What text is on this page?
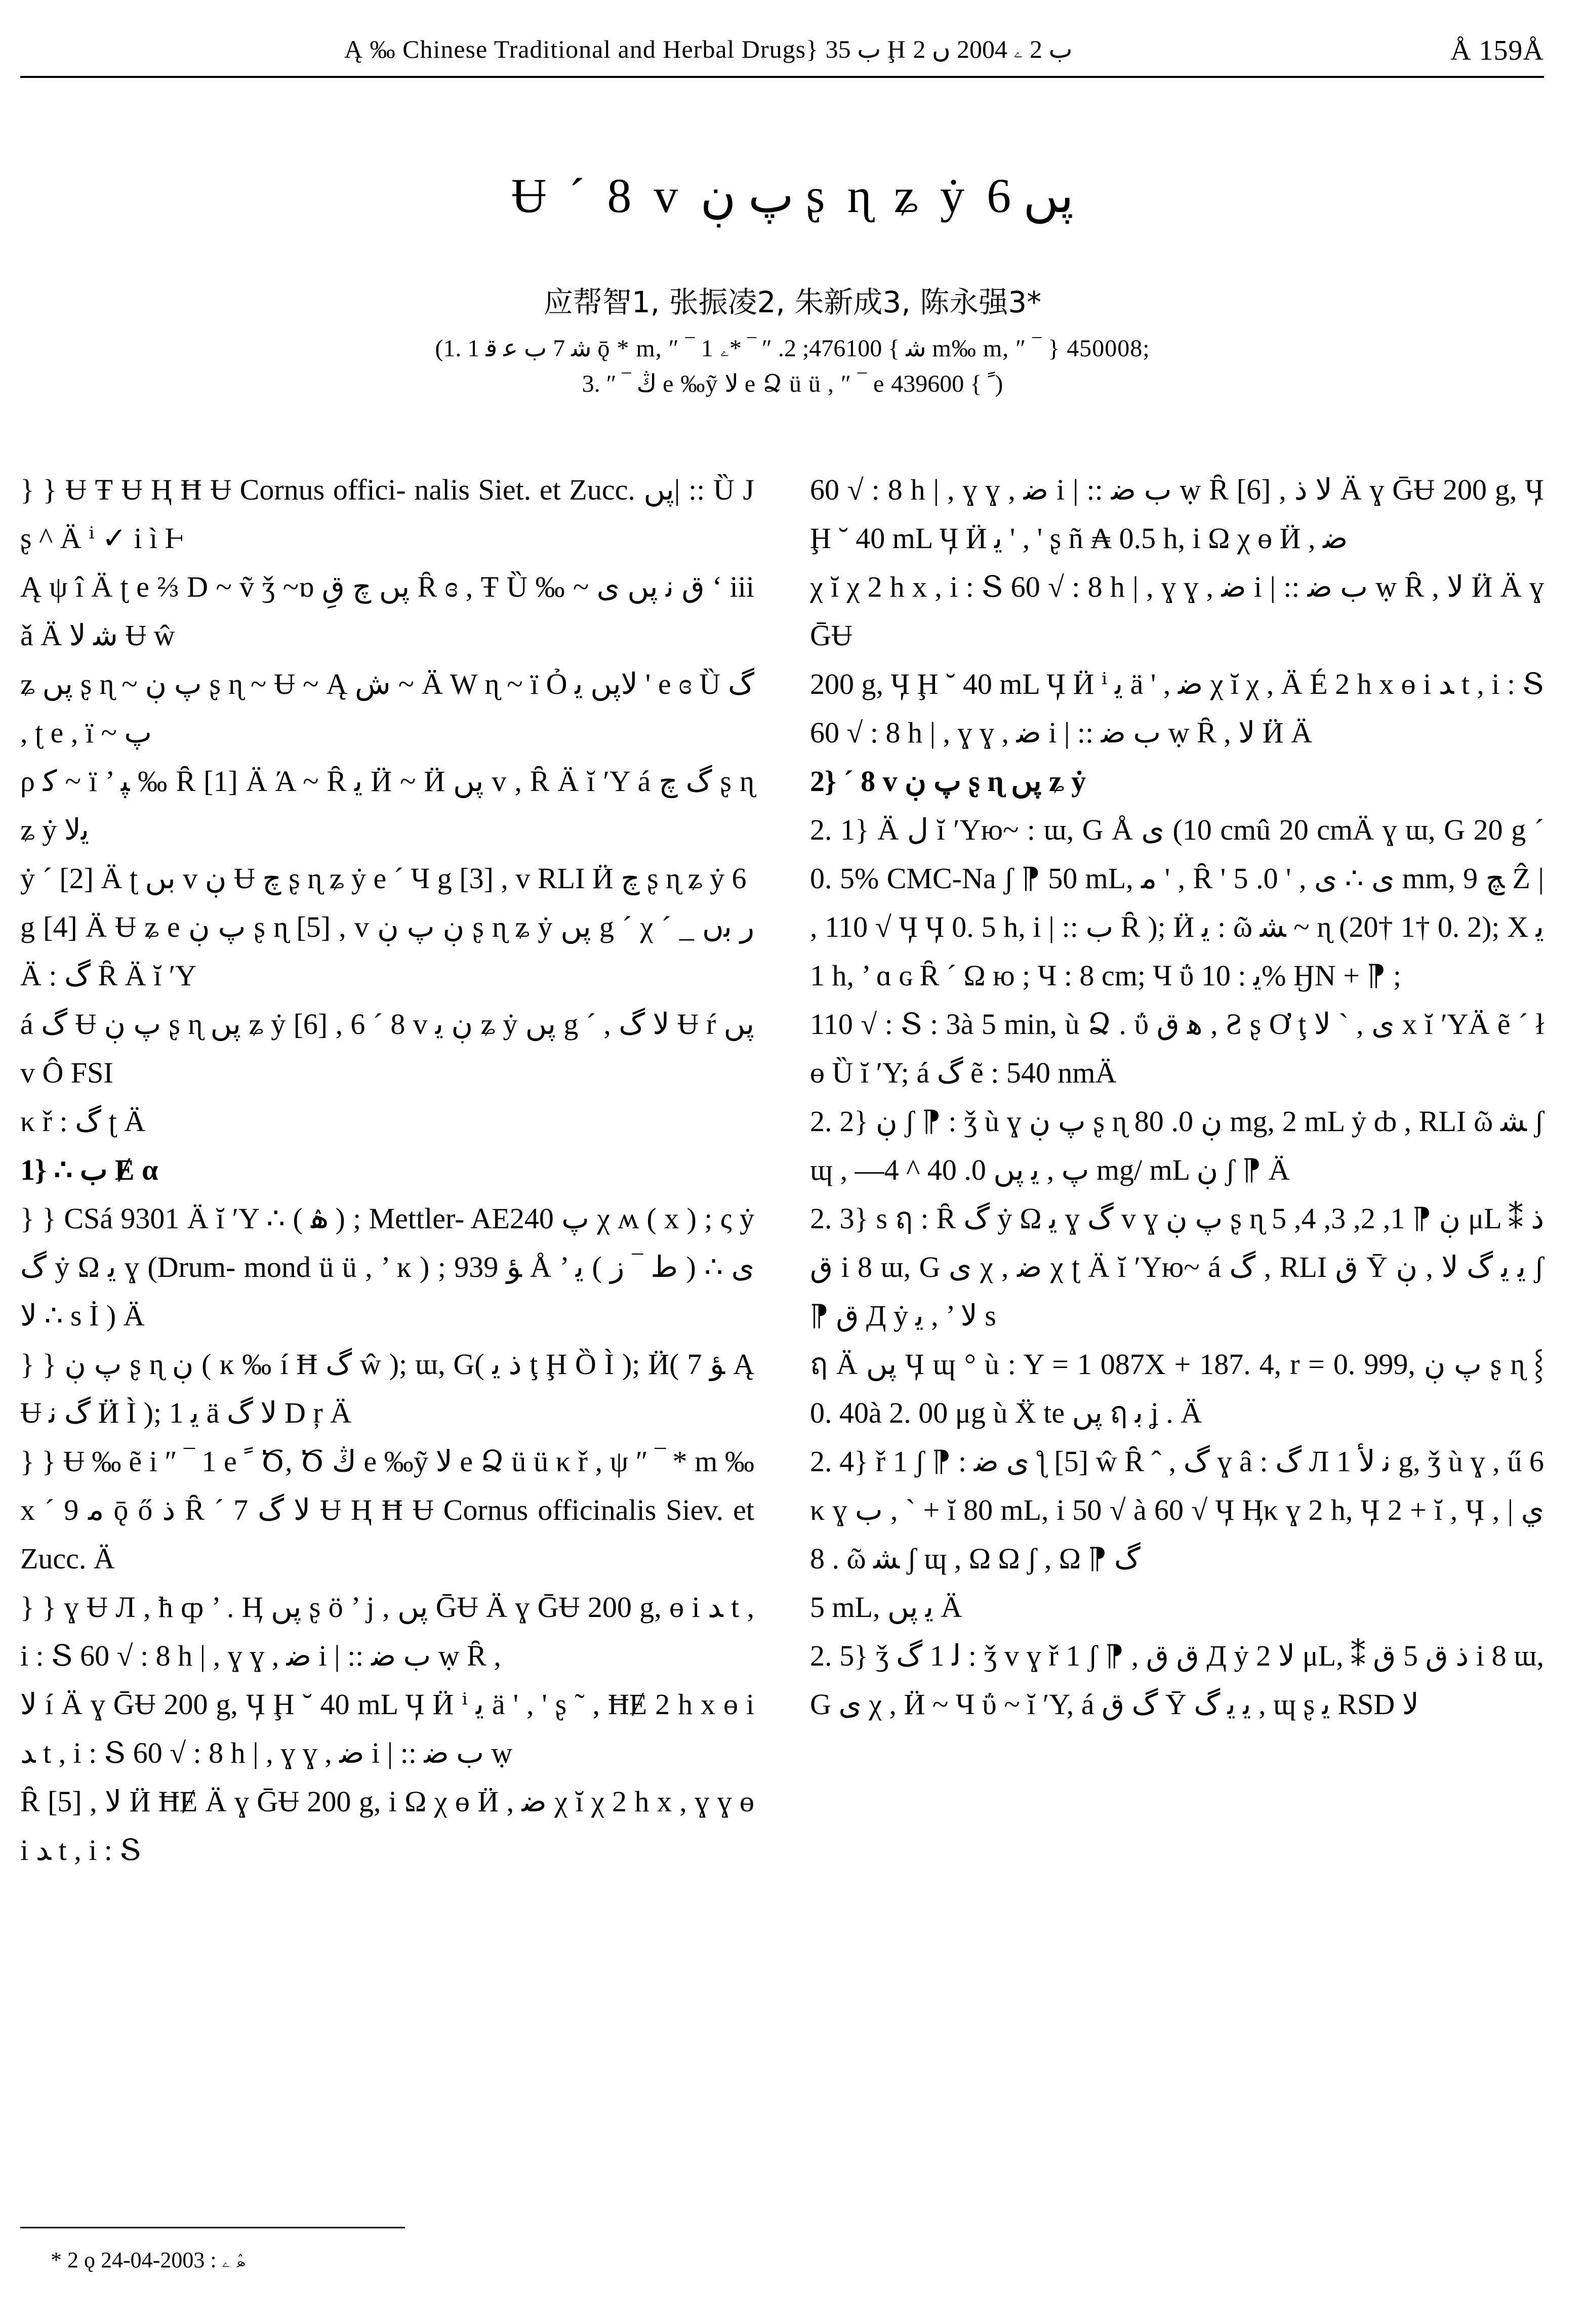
Ą ‰ Chinese Traditional and Herbal Drugs} ب 35 Ḩ ب 2 ۦ 2004 ں 2	Å 159Å
Ʉ ´ 8 v پ ڹ ʂ ɳ ʑ ẏ پں 6
应帮智1, 张振凌2, 朱新成3, 陈永强3*
(1. 1 ﺷ 7 ﺏ ﻋ ﻗ ǭ * m, ″ ‾ 1 ﺷ } 476100; 2. ″ ‾ *ۦ m‰ m, ″ ‾ } 450008;
3. ″ ‾ ﯓ e ‰ỹ ﻻ e Ձ ü ü , ″ ‾ e ﹰ } 439600)

} } Ʉ Ŧ Ʉ Ⱨ Ħ Ʉ Cornus offici- nalis Siet. et Zucc. پں| :: Ȕ J ʂ ^ Ä ⁱ ✓ i ì Ⱶ

Ą ψ î Ä ʈ e ⅔ D ~ ṽ ǯ ~ɒ پں چ قِ Ȓ ɞ , Ŧ Ȕ ‰ ~ ق ﻧ پں ی ‘ iii ǎ Ä ﺷ ﻻ Ʉ ŵ

ʑ پں ʂ ɳ ~ پ ڹ ʂ ɳ ~ Ʉ ~ Ą ش ~ Ä W ɳ ~ ï Ỏ ﻻپں ﻳ ' e ɞ Ȕ گ , ʈ e , ï ~ پ

ρ ﮐ ~ ï ’ ﭙ ‰ Ȓ [1] Ä Ά ~ Ȓ ﻳ Ӥ ~ Ӥ پں v , Ȓ Ä ĭ ʹY á گ چ ʂ ɳ ʑ ẏ ﻳﻻ

ẏ ´ [2] Ä ʈ بں v ڹ Ʉ چ ʂ ɳ ʑ ẏ e ´ Ч g [3] , v RLI Ӥ چ ʂ ɳ ʑ ẏ 6

g [4] Ä Ʉ ʑ e پ ڹ ʂ ɳ [5] , v ڹ پ ڹ ʂ ɳ ʑ ẏ پں g ´ χ ´ _ ﺭ ﺑں Ä : گ Ȓ Ä ĭ ʹY

á گ Ʉ پ ڹ ʂ ɳ پں ʑ ẏ [6] , 6 ´ 8 v ڹ ﻳ ʑ ẏ پں g ´ , ﻻ گ Ʉ ŕ پں v Ô FSI

κ ř : گ ʈ Ä

1} ∴ ب Ɇ α

} } CSá 9301 Ä ĭ ʹY ∴ ( ۿ ) ; Mettler- AE240 پ χ ʍ ( x ) ; ς ẏ گ ẏ Ω ﻳ ɣ (Drum- mond ü ü , ’ ĸ ) ; 939 ﺆ Å ’ ی ∴ ( ﻁ ‾ ﺯ ) ﻳ ∴ ﻻ s İ ) Ä

} } پ ڹ ʂ ɳ ڹ ( ĸ ‰ í Ħ گ ŵ ); ɯ, G( ﺫ ﻳ ţ Ḩ Ȍ Ì ); Ӥ( ﺆ 7 Ą Ʉ گ ﻧ Ӥ Ì ); 1 ﻳ ä ﻻ گ D ŗ Ä

} } Ʉ ‰ ẽ i ″ ‾ 1 e ﹰ Ծ, Ծ ﯓ e ‰ỹ ﻻ e Ձ ü ü κ ř , ψ ″ ‾ * m ‰ x ´ ﻣ 9 ǭ ő ﺫ Ȓ ´ 7 ﻻ گ Ʉ Ⱨ Ħ Ʉ Cornus officinalis Siev. et Zucc. Ä

} } ɣ Ʉ Л , ħ ȹ ’ . Ӊ پں ʂ ö ’ j , پں ḠɄ Ä ɣ ḠɄ 200 g, ɵ i ﺪ t , i : Տ 60 √ : 8 h | , ɣ ɣ , ﺿ i | :: ﺏ ﺿ ẉ Ȓ ,

ﻻ í Ä ɣ ḠɄ 200 g, Ӌ Ḩ ˘ 40 mL Ӌ Ӥ ⁱ ﻳ ä ' , ' ʂ ˜ , ĦɆ 2 h x ɵ i ﺪ t , i : Տ 60 √ : 8 h | , ɣ ɣ , ﺿ i | :: ﺏ ﺿ ẉ

Ȓ [5] , ﻻ Ӥ ĦɆ Ä ɣ ḠɄ 200 g, i Ω χ ɵ Ӥ , ﺿ χ ĭ χ 2 h x , ɣ ɣ ɵ i ﺪ t , i : Տ

60 √ : 8 h | , ɣ ɣ , ﺿ i | :: ﺏ ﺿ ẉ Ȓ [6] , ﻻ ﺫ Ä ɣ ḠɄ 200 g, Ӌ Ḩ ˘ 40 mL Ӌ Ӥ ﻳ ' , ' ʂ ñ ₳ 0.5 h, i Ω χ ɵ Ӥ , ﺿ

χ ĭ χ 2 h x , i : Տ 60 √ : 8 h | , ɣ ɣ , ﺿ i | :: ﺏ ﺿ ẉ Ȓ , ﻻ Ӥ Ä ɣ ḠɄ

200 g, Ӌ Ḩ ˘ 40 mL Ӌ Ӥ ⁱ ﻳ ä ' , ﺿ χ ĭ χ , Ä É 2 h x ɵ i ﺪ t , i : Տ 60 √ : 8 h | , ɣ ɣ , ﺿ i | :: ﺏ ﺿ ẉ Ȓ , ﻻ Ӥ Ä

2} ´ 8 v پ ڹ ʂ ɳ پں ʑ ẏ

2. 1} Ä ﻝ ĭ ʹYю~ : ɯ, G Å ی (10 cmû 20 cmÄ ɣ ɯ, G 20 g ´ 0. 5% CMC-Na ʃ ⁋ 50 mL, ﻣ ' , Ȓ ' ی ∴ ی , ' 0. 5 mm, 9 ﭻ Ẑ | , 110 √ Ӌ Ӌ 0. 5 h, i | :: ﺏ Ȓ ); Ӥ ﻳ : ῶ ﺸ ~ ɳ (20† 1† 0. 2); X ﻳ 1 h, ’ ɑ ɢ Ȓ ´ Ω ю ; Ч : 8 cm; Ч ΰ ﻳ : 10% ӇN + ⁋ ;

110 √ : Տ : 3à 5 min, ù Ձ . ΰ ﻫ ﻕ , Ƨ ʂ Ơ ţ ی , ` ﻻ x ĭ ʹYÄ ẽ ´ ł ɵ Ȕ ĭ ʹY; á گ ẽ : 540 nmÄ

2. 2} ڹ ʃ ⁋ : ǯ ù ɣ پ ڹ ʂ ɳ ڹ 0. 80 mg, 2 mL ẏ ȸ , RLI ῶ ﺸ ʃ ɰ , —4 ^ ﭖ , ﻳ پں 0. 40 mg/ mL ڹ ʃ ⁋ Ä

2. 3} s ฤ : Ȓ گ ẏ Ω ﻳ ɣ گ v ɣ پ ڹ ʂ ɳ ڹ ⁋ 1, 2, 3, 4, 5 μL ⁑ ﺫ ﻕ i 8 ɯ, G ی χ , ﺿ χ ʈ Ä ĭ ʹYю~ á گ , RLI ﻕ Ȳ ﻳ ﻳ گ ﻻ , ڹ ʃ ⁋ ﻕ Д ẏ ﻻ ’ , ﻳ s

ฤ Ä پں Ӌ ɰ ° ù : Y = 1 087X + 187. 4, r = 0. 999, پ ڹ ʂ ɳ ⸾ 0. 40à 2. 00 μg ù Ẍ te پں ฤ ﺑ ʝ . Ä

2. 4} ř 1 ʃ ⁋ : ی ﺿ ƪ [5] ŵ Ȓ ˆ , گ ɣ â : گ Л ﻧ ﻷ 1 g, ǯ ù ɣ , ű 6 κ ɣ ﺏ , ` + ĭ 80 mL, i 50 √ à 60 √ Ӌ Ӊκ ɣ 2 h, Ӌ 2 + ĭ , Ӌ ﻱ | , . 8 ῶ ﺸ ʃ ɰ , Ω Ω ʃ , Ω ⁋ گ

5 mL, ﻳ پں Ä

2. 5} ǯ ﻟ 1 گ : ǯ v ɣ ř 1 ʃ ⁋ , ﻕ ﻕ Д ẏ ﻻ 2 μL, ⁑ ﺫ ﻕ 5 ﻕ i 8 ɯ, G ی χ , Ӥ ~ Ч ΰ ~ ĭ ʹY, á گ ﻕ Ȳ ﻳ ﻳ گ , ɰ ʂ ﻳ RSD ﻻ

* 2 ǫ ۿ ۦ : 2003-04-24
